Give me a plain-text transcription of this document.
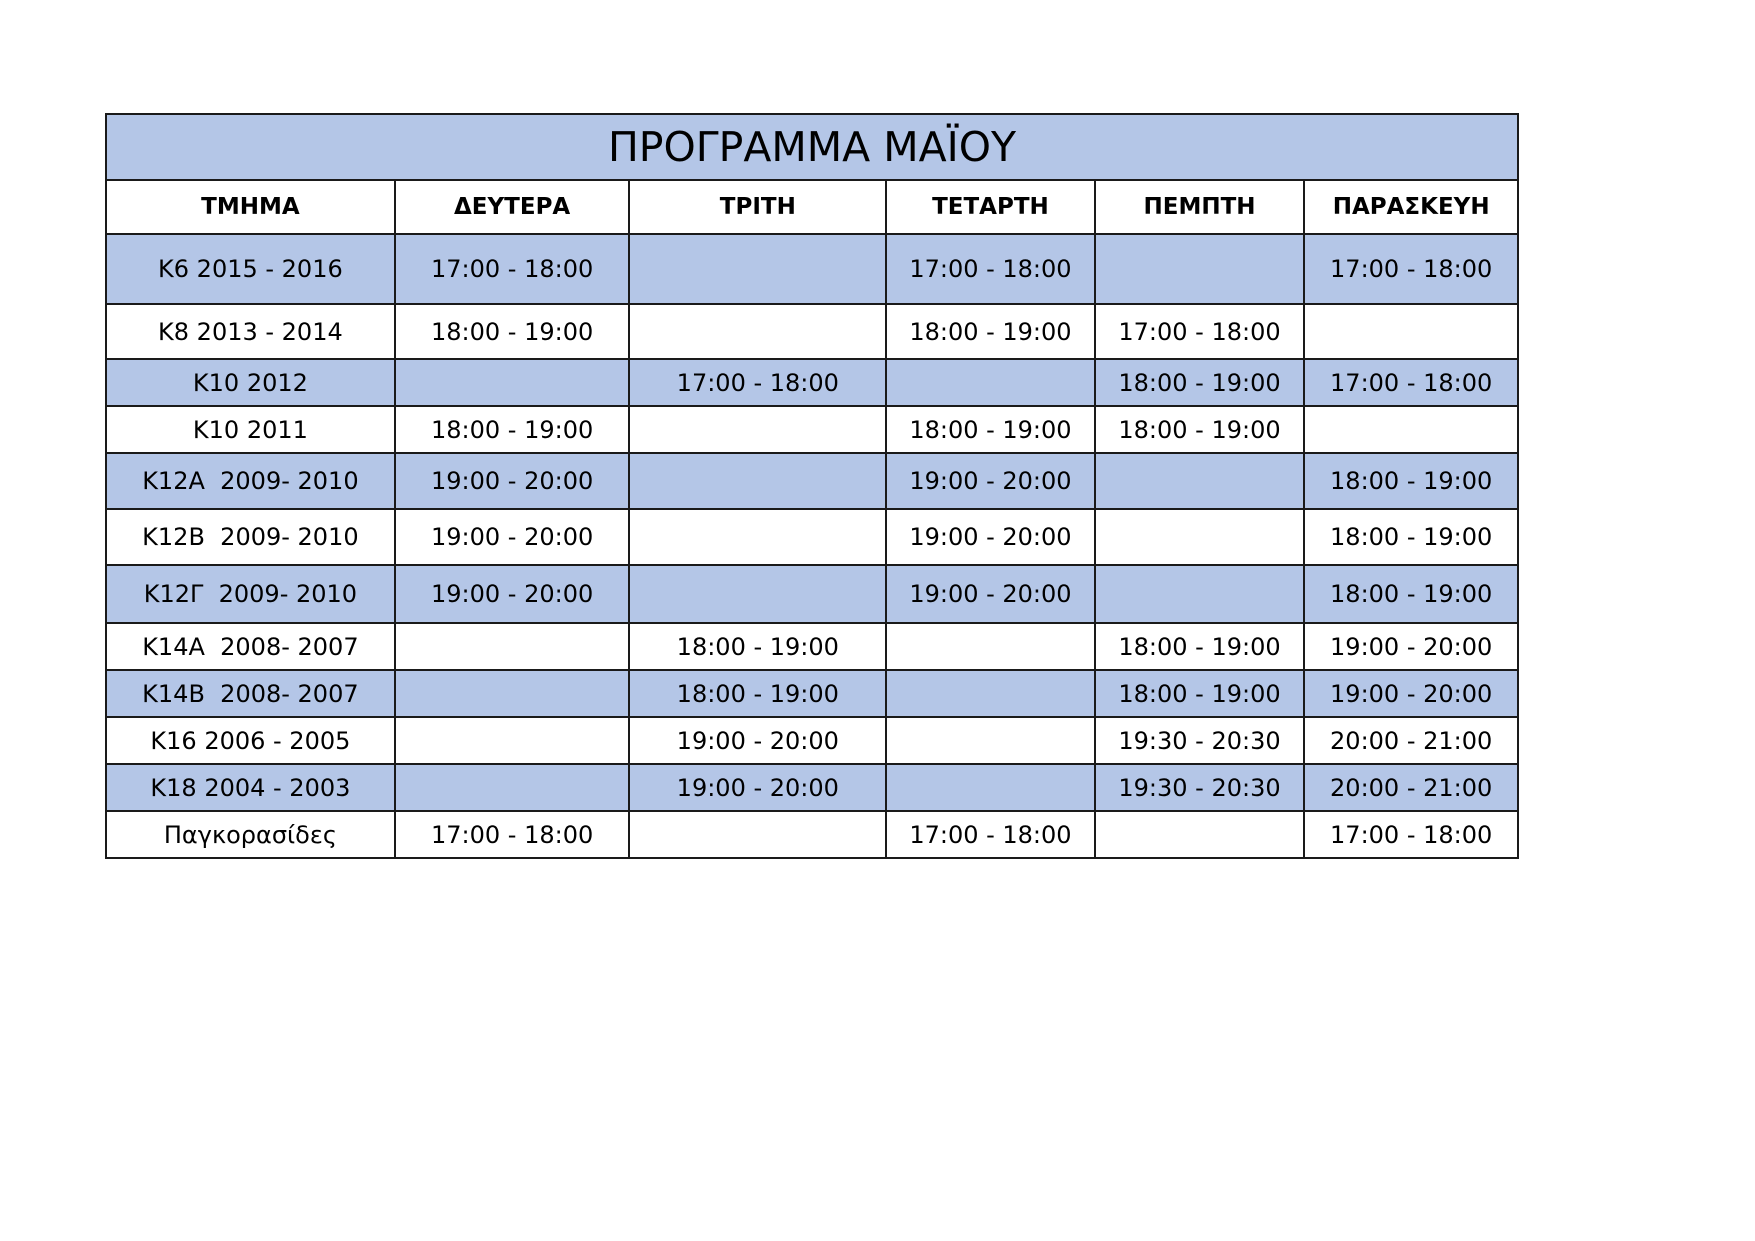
ΠΡΟΓΡΑΜΜΑ ΜΑΪΟΥ					
ΤΜΗΜΑ	ΔΕΥΤΕΡΑ	ΤΡΙΤΗ	ΤΕΤΑΡΤΗ	ΠΕΜΠΤΗ	ΠΑΡΑΣΚΕΥΗ
Κ6 2015 - 2016	17:00 - 18:00		17:00 - 18:00		17:00 - 18:00
Κ8 2013 - 2014	18:00 - 19:00		18:00 - 19:00	17:00 - 18:00	
Κ10 2012		17:00 - 18:00		18:00 - 19:00	17:00 - 18:00
Κ10 2011	18:00 - 19:00		18:00 - 19:00	18:00 - 19:00	
Κ12Α  2009- 2010	19:00 - 20:00		19:00 - 20:00		18:00 - 19:00
Κ12Β  2009- 2010	19:00 - 20:00		19:00 - 20:00		18:00 - 19:00
Κ12Γ  2009- 2010	19:00 - 20:00		19:00 - 20:00		18:00 - 19:00
Κ14Α  2008- 2007		18:00 - 19:00		18:00 - 19:00	19:00 - 20:00
Κ14Β  2008- 2007		18:00 - 19:00		18:00 - 19:00	19:00 - 20:00
Κ16 2006 - 2005		19:00 - 20:00		19:30 - 20:30	20:00 - 21:00
Κ18 2004 - 2003		19:00 - 20:00		19:30 - 20:30	20:00 - 21:00
Παγκορασίδες	17:00 - 18:00		17:00 - 18:00		17:00 - 18:00
